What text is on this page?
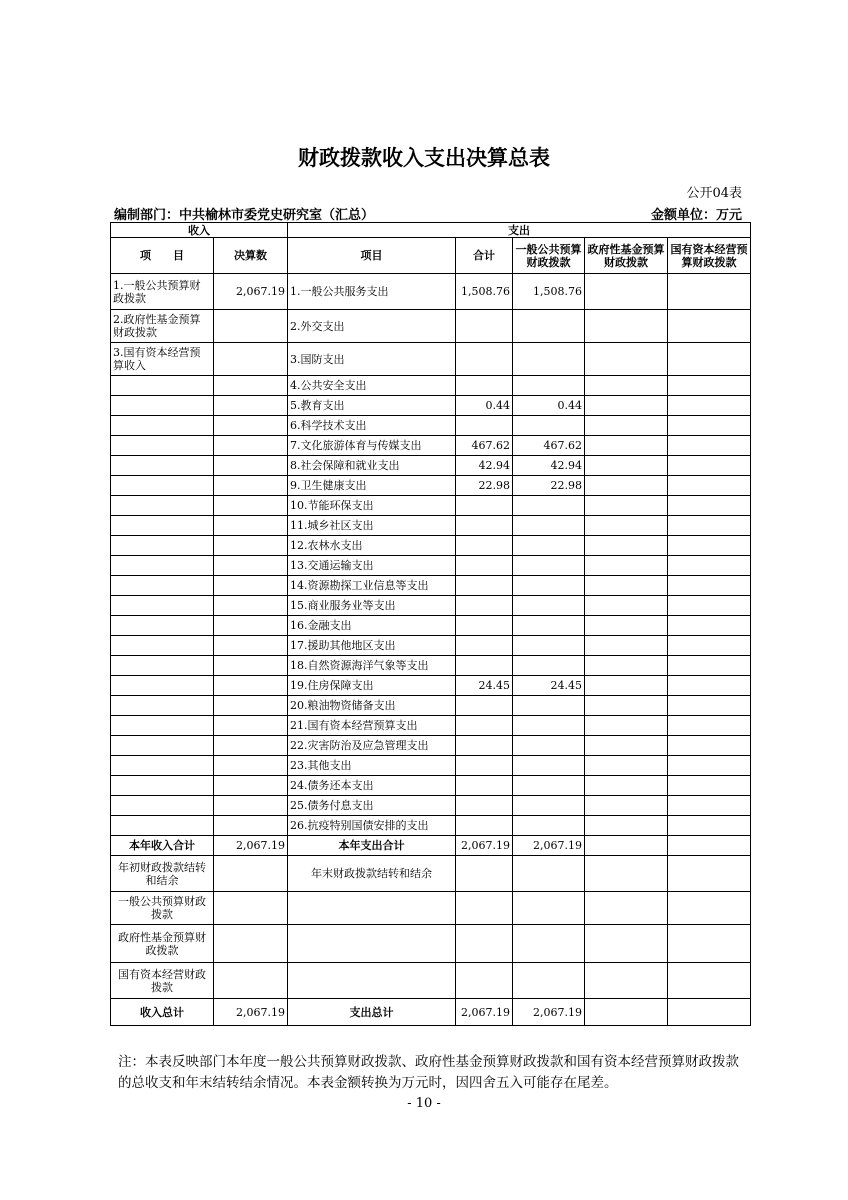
财政拨款收入支出决算总表
公开04表
编制部门：中共榆林市委党史研究室（汇总）	金额单位：万元
收入		支出				
项　　目	决算数	项目	合计	一般公共预算财政拨款	政府性基金预算财政拨款	国有资本经营预算财政拨款
1.一般公共预算财政拨款	2,067.19	1.一般公共服务支出	1,508.76	1,508.76		
2.政府性基金预算财政拨款		2.外交支出				
3.国有资本经营预算收入		3.国防支出				
		4.公共安全支出				
		5.教育支出	0.44	0.44		
		6.科学技术支出				
		7.文化旅游体育与传媒支出	467.62	467.62		
		8.社会保障和就业支出	42.94	42.94		
		9.卫生健康支出	22.98	22.98		
		10.节能环保支出				
		11.城乡社区支出				
		12.农林水支出				
		13.交通运输支出				
		14.资源勘探工业信息等支出				
		15.商业服务业等支出				
		16.金融支出				
		17.援助其他地区支出				
		18.自然资源海洋气象等支出				
		19.住房保障支出	24.45	24.45		
		20.粮油物资储备支出				
		21.国有资本经营预算支出				
		22.灾害防治及应急管理支出				
		23.其他支出				
		24.债务还本支出				
		25.债务付息支出				
		26.抗疫特别国债安排的支出				
本年收入合计	2,067.19	本年支出合计	2,067.19	2,067.19		
年初财政拨款结转和结余		年末财政拨款结转和结余				
一般公共预算财政拨款						
政府性基金预算财政拨款						
国有资本经营财政拨款						
收入总计	2,067.19	支出总计	2,067.19	2,067.19		
注：本表反映部门本年度一般公共预算财政拨款、政府性基金预算财政拨款和国有资本经营预算财政拨款的总收支和年末结转结余情况。本表金额转换为万元时，因四舍五入可能存在尾差。
- 10 -
